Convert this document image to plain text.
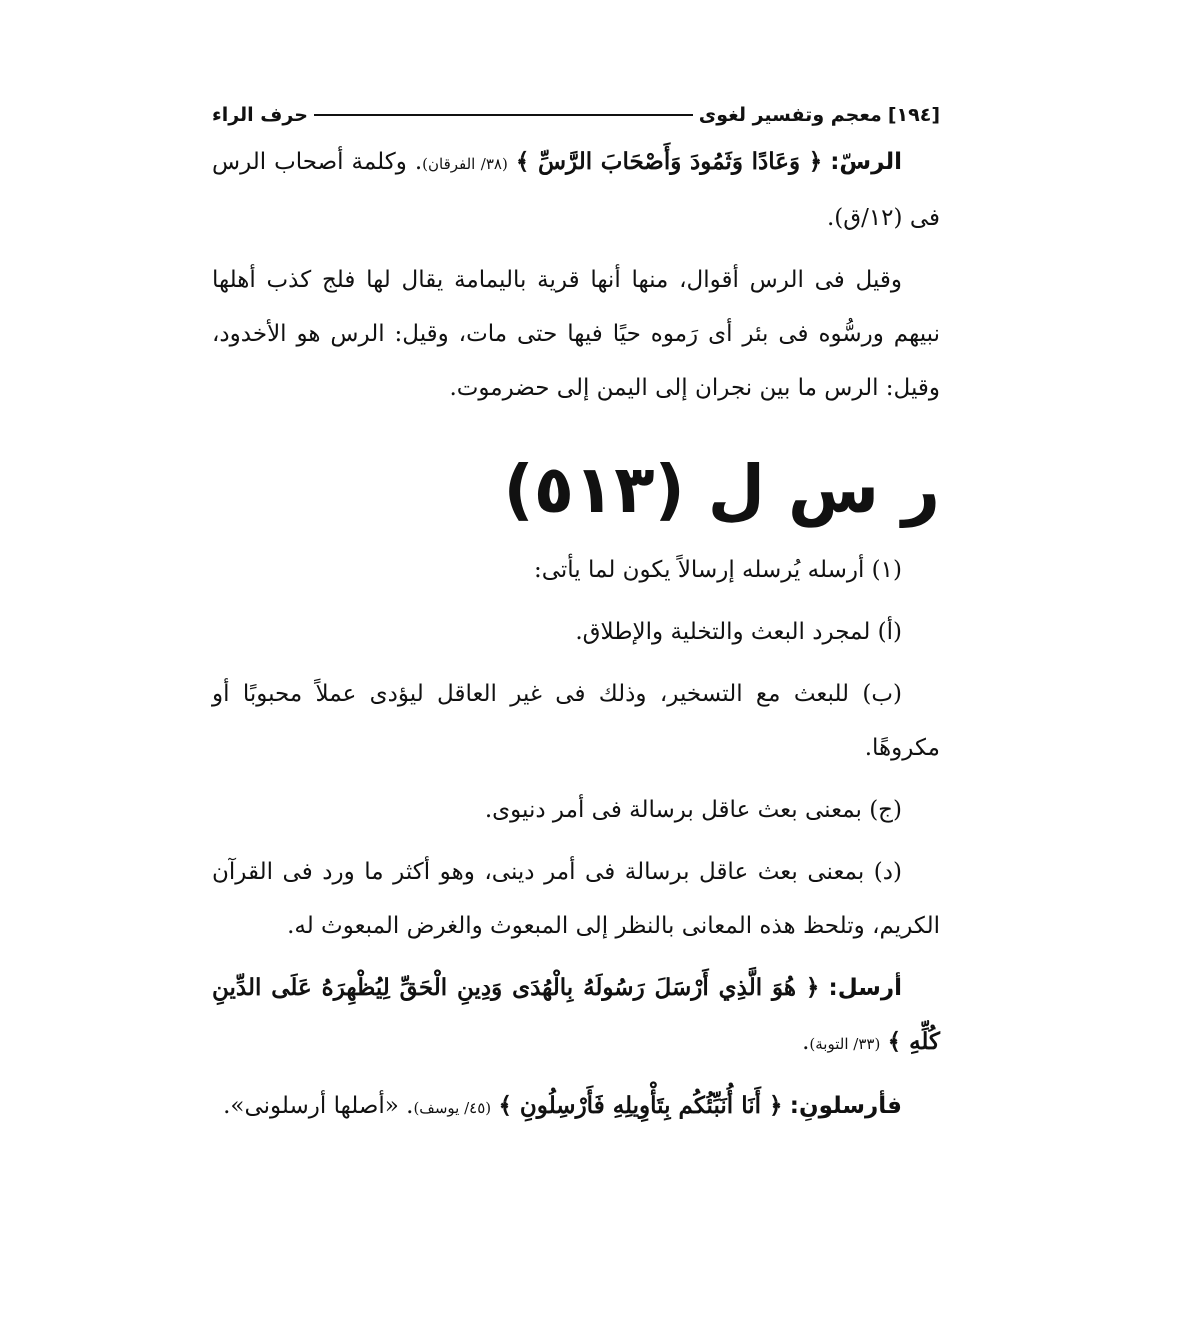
[١٩٤]
معجم وتفسير لغوى
حرف الراء

الرسّ: ﴿ وَعَادًا وَثَمُودَ وَأَصْحَابَ الرَّسِّ ﴾ (٣٨/ الفرقان). وكلمة أصحاب الرس فى (١٢/ق).

وقيل فى الرس أقوال، منها أنها قرية باليمامة يقال لها فلج كذب أهلها نبيهم ورسُّوه فى بئر أى رَموه حيًا فيها حتى مات، وقيل: الرس هو الأخدود، وقيل: الرس ما بين نجران إلى اليمن إلى حضرموت.

ر س ل (٥١٣)

(١) أرسله يُرسله إرسالاً يكون لما يأتى:

(أ) لمجرد البعث والتخلية والإطلاق.

(ب) للبعث مع التسخير، وذلك فى غير العاقل ليؤدى عملاً محبوبًا أو مكروهًا.

(ج) بمعنى بعث عاقل برسالة فى أمر دنيوى.

(د) بمعنى بعث عاقل برسالة فى أمر دينى، وهو أكثر ما ورد فى القرآن الكريم، وتلحظ هذه المعانى بالنظر إلى المبعوث والغرض المبعوث له.

أرسل: ﴿ هُوَ الَّذِي أَرْسَلَ رَسُولَهُ بِالْهُدَى وَدِينِ الْحَقِّ لِيُظْهِرَهُ عَلَى الدِّينِ كُلِّهِ ﴾ (٣٣/ التوبة).

فأرسلونِ: ﴿ أَنَا أُنَبِّئُكُم بِتَأْوِيلِهِ فَأَرْسِلُونِ ﴾ (٤٥/ يوسف). «أصلها أرسلونى».
